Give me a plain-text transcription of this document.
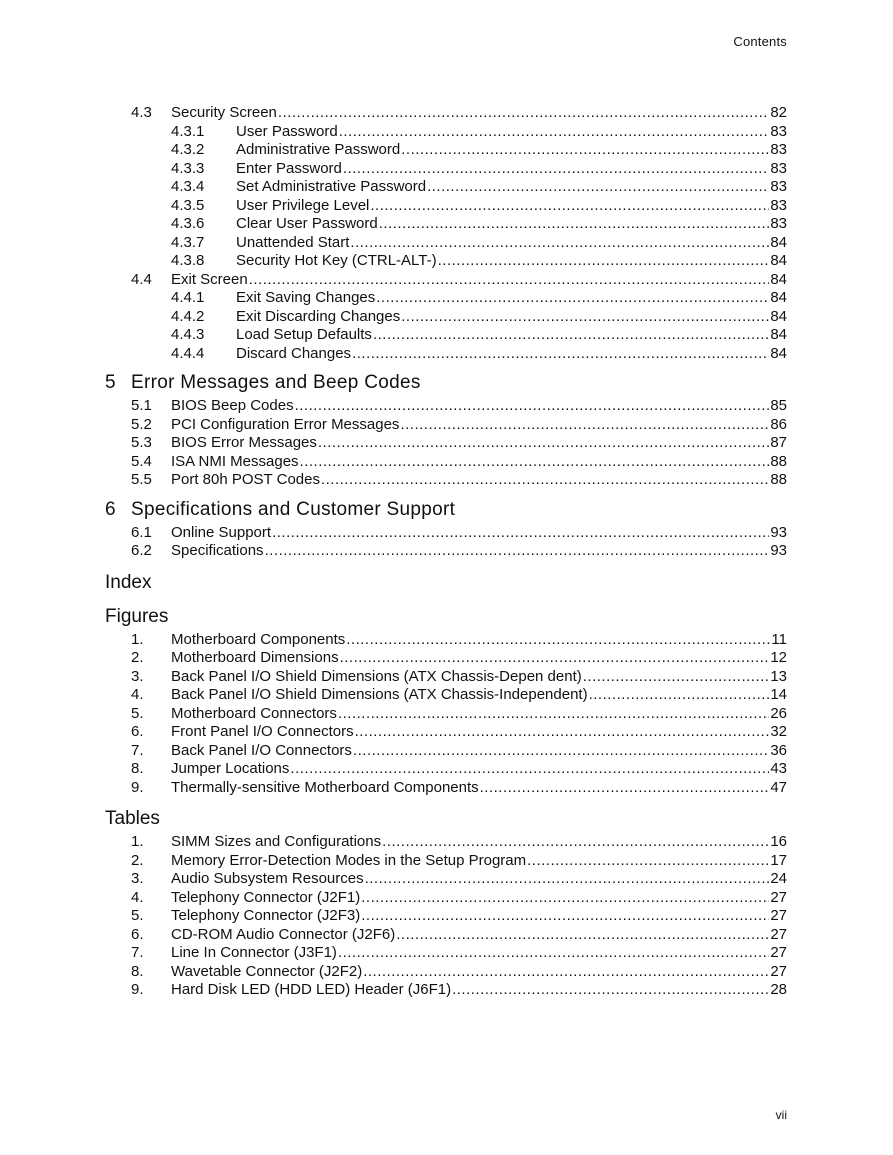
Contents
4.3 Security Screen .....	82
4.3.1 User Password .....	83
4.3.2 Administrative Password .....	83
4.3.3 Enter Password .....	83
4.3.4 Set Administrative Password .....	83
4.3.5 User Privilege Level .....	83
4.3.6 Clear User Password .....	83
4.3.7 Unattended Start .....	84
4.3.8 Security Hot Key (CTRL-ALT-) .....	84
4.4 Exit Screen .....	84
4.4.1 Exit Saving Changes .....	84
4.4.2 Exit Discarding Changes .....	84
4.4.3 Load Setup Defaults .....	84
4.4.4 Discard Changes .....	84
5 Error Messages and Beep Codes
5.1 BIOS Beep Codes .....	85
5.2 PCI Configuration Error Messages .....	86
5.3 BIOS Error Messages .....	87
5.4 ISA NMI Messages .....	88
5.5 Port 80h POST Codes .....	88
6 Specifications and Customer Support
6.1 Online Support .....	93
6.2 Specifications .....	93
Index
Figures
1. Motherboard Components .....	11
2. Motherboard Dimensions .....	12
3. Back Panel I/O Shield Dimensions (ATX Chassis-Depen dent) .....	13
4. Back Panel I/O Shield Dimensions (ATX Chassis-Independent) .....	14
5. Motherboard Connectors .....	26
6. Front Panel I/O Connectors .....	32
7. Back Panel I/O Connectors .....	36
8. Jumper Locations .....	43
9. Thermally-sensitive Motherboard Components .....	47
Tables
1. SIMM Sizes and Configurations .....	16
2. Memory Error-Detection Modes in the Setup Program .....	17
3. Audio Subsystem Resources .....	24
4. Telephony Connector (J2F1) .....	27
5. Telephony Connector (J2F3) .....	27
6. CD-ROM Audio Connector (J2F6) .....	27
7. Line In Connector (J3F1) .....	27
8. Wavetable Connector (J2F2) .....	27
9. Hard Disk LED (HDD LED) Header (J6F1) .....	28
vii
